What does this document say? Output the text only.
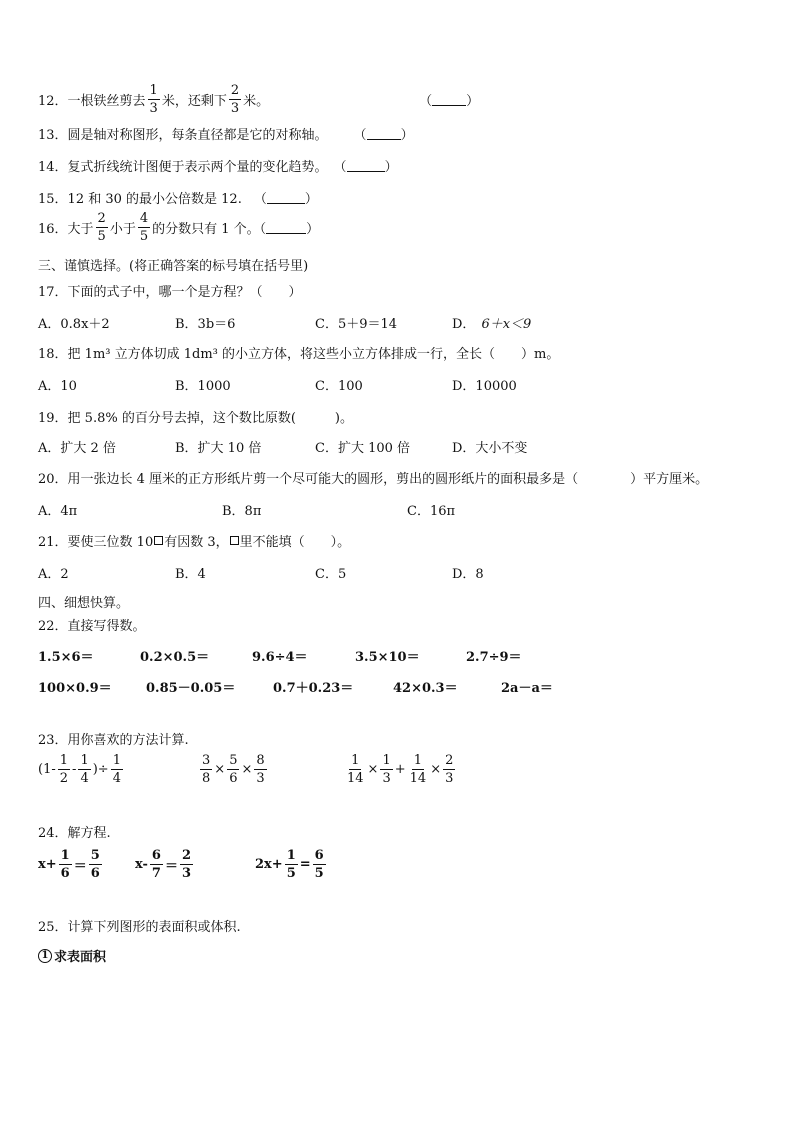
12．一根铁丝剪去 $\frac{1}{3}$ 米，还剩下 $\frac{2}{3}$ 米。	（	）
13．圆是轴对称图形，每条直径都是它的对称轴。 （	）
14．复式折线统计图便于表示两个量的变化趋势。 （	）
15．12 和 30 的最小公倍数是 12. （	）
16．大于 $\frac{2}{5}$ 小于 $\frac{4}{5}$ 的分数只有 1 个。（	）
三、谨慎选择。(将正确答案的标号填在括号里)
17．下面的式子中，哪一个是方程？（　　）
A．0.8x＋2	B．3b＝6	C．5＋9＝14	D． 6＋x＜9
18．把 1m³ 立方体切成 1dm³ 的小立方体，将这些小立方体排成一行，全长（　　）m。
A．10	B．1000	C．100	D．10000
19．把 5.8% 的百分号去掉，这个数比原数(　　　)。
A．扩大 2 倍	B．扩大 10 倍	C．扩大 100 倍	D．大小不变
20．用一张边长 4 厘米的正方形纸片剪一个尽可能大的圆形，剪出的圆形纸片的面积最多是（　　　　）平方厘米。
A．4π	B．8π	C．16π
21．要使三位数 10 有因数 3， 里不能填（　　）。
A．2	B．4	C．5	D．8
四、细想快算。
22．直接写得数。
1.5×6＝	0.2×0.5＝	9.6÷4＝	3.5×10＝	2.7÷9＝
100×0.9＝	0.85－0.05＝	0.7＋0.23＝	42×0.3＝	2a－a＝
23．用你喜欢的方法计算.
($1- \frac{1}{2} - \frac{1}{4}$ ) ÷ $\frac{1}{4}$	$\frac{3}{8} \times \frac{5}{6} \times \frac{8}{3}$	$\frac{1}{14} \times \frac{1}{3} + \frac{1}{14} \times \frac{2}{3}$
24．解方程.
$x+ \frac{1}{6} = \frac{5}{6}$	$x- \frac{6}{7} = \frac{2}{3}$	$2x+ \frac{1}{5} = \frac{6}{5}$
25．计算下列图形的表面积或体积.
1 求表面积
